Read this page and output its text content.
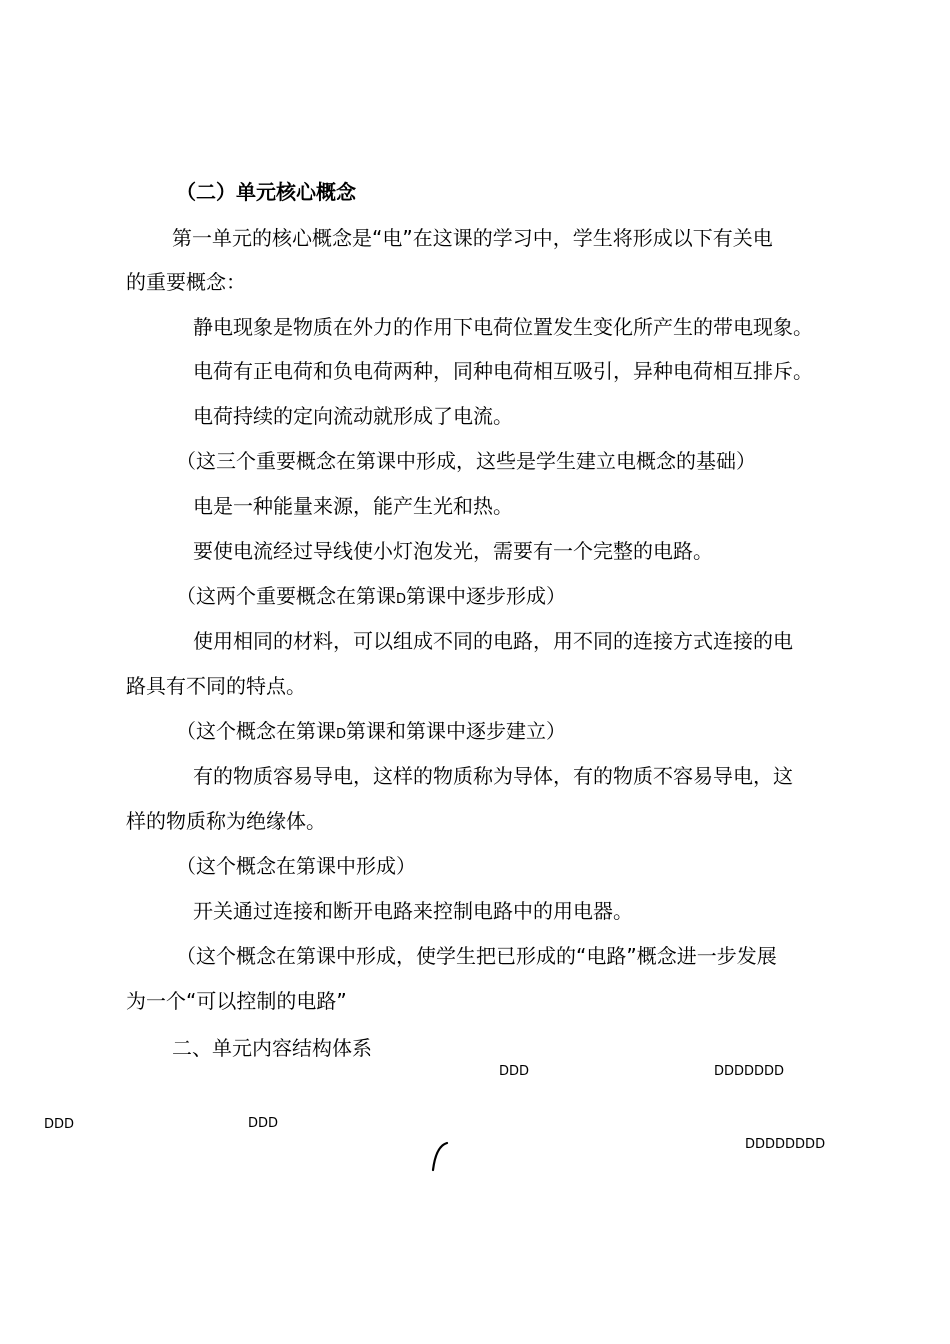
（二）单元核心概念
第一单元的核心概念是“电”在这课的学习中，学生将形成以下有关电
的重要概念：
静电现象是物质在外力的作用下电荷位置发生变化所产生的带电现象。
电荷有正电荷和负电荷两种，同种电荷相互吸引，异种电荷相互排斥。
电荷持续的定向流动就形成了电流。
（这三个重要概念在第课中形成，这些是学生建立电概念的基础）
电是一种能量来源，能产生光和热。
要使电流经过导线使小灯泡发光，需要有一个完整的电路。
（这两个重要概念在第课D第课中逐步形成）
使用相同的材料，可以组成不同的电路，用不同的连接方式连接的电
路具有不同的特点。
（这个概念在第课D第课和第课中逐步建立）
有的物质容易导电，这样的物质称为导体，有的物质不容易导电，这
样的物质称为绝缘体。
（这个概念在第课中形成）
开关通过连接和断开电路来控制电路中的用电器。
（这个概念在第课中形成，使学生把已形成的“电路”概念进一步发展
为一个“可以控制的电路”
二、单元内容结构体系
DDD	DDDDDDD
DDD	DDD
DDDDDDDD
